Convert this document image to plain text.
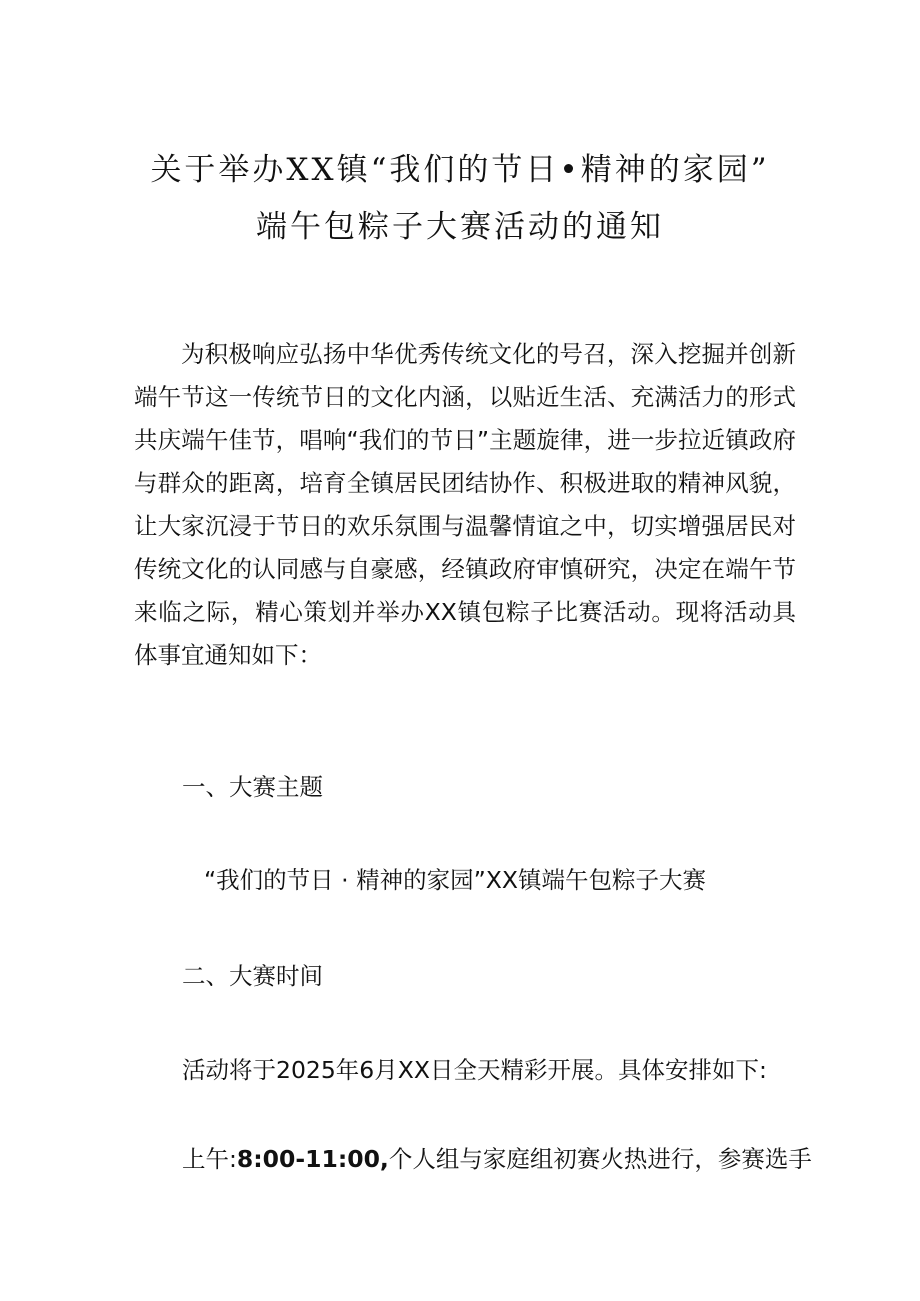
关于举办XX镇“我们的节日•精神的家园”
端午包粽子大赛活动的通知
为积极响应弘扬中华优秀传统文化的号召，深入挖掘并创新端午节这一传统节日的文化内涵，以贴近生活、充满活力的形式共庆端午佳节，唱响“我们的节日”主题旋律，进一步拉近镇政府与群众的距离，培育全镇居民团结协作、积极进取的精神风貌，让大家沉浸于节日的欢乐氛围与温馨情谊之中，切实增强居民对传统文化的认同感与自豪感，经镇政府审慎研究，决定在端午节来临之际，精心策划并举办XX镇包粽子比赛活动。现将活动具体事宜通知如下：
一、大赛主题
“我们的节日 · 精神的家园”XX镇端午包粽子大赛
二、大赛时间
活动将于2025年6月XX日全天精彩开展。具体安排如下:
上午:8:00-11:00,个人组与家庭组初赛火热进行，参赛选手
